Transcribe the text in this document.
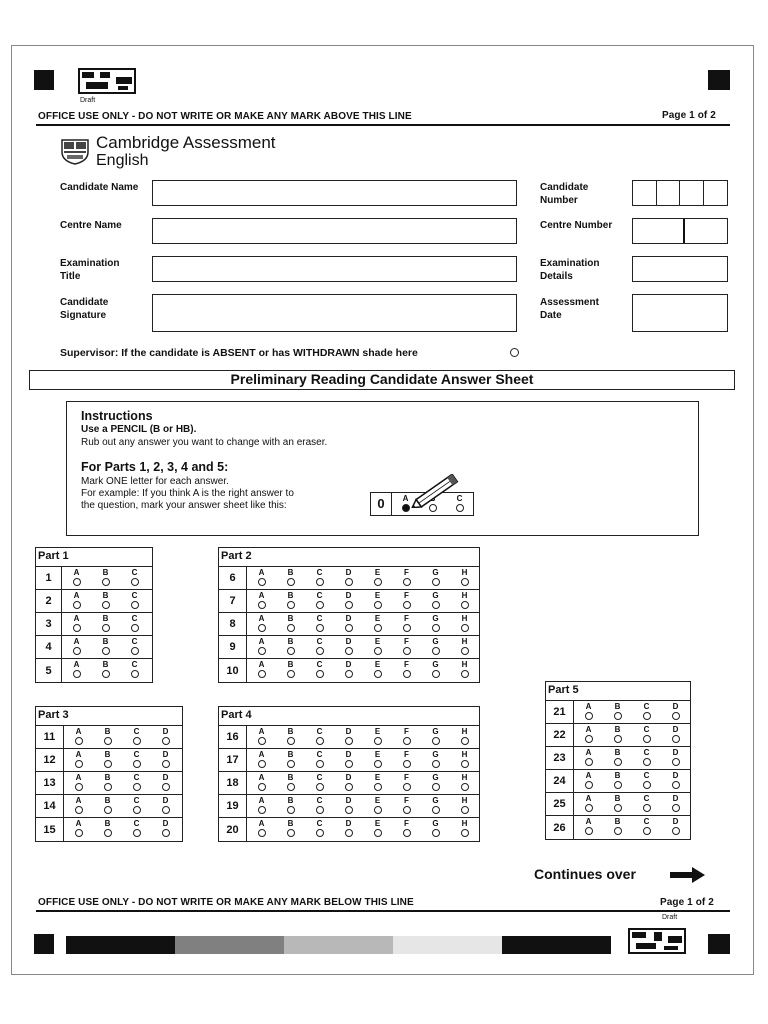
Draft
OFFICE USE ONLY - DO NOT WRITE OR MAKE ANY MARK ABOVE THIS LINE	Page 1 of 2
Cambridge Assessment
English
Candidate Name
Centre Name
Examination Title
Candidate Signature
Candidate Number
Centre Number
Examination Details
Assessment Date
Supervisor: If the candidate is ABSENT or has WITHDRAWN shade here
Preliminary Reading Candidate Answer Sheet
Instructions
Use a PENCIL (B or HB).
Rub out any answer you want to change with an eraser.
For Parts 1, 2, 3, 4 and 5:
Mark ONE letter for each answer.
For example: If you think A is the right answer to
the question, mark your answer sheet like this:	0	A	C
Part 1
1	A	B	C
2	A	B	C
3	A	B	C
4	A	B	C
5	A	B	C
Part 2
6	A	B	C	D	E	F	G	H
7	A	B	C	D	E	F	G	H
8	A	B	C	D	E	F	G	H
9	A	B	C	D	E	F	G	H
10	A	B	C	D	E	F	G	H
Part 3
11	A	B	C	D
12	A	B	C	D
13	A	B	C	D
14	A	B	C	D
15	A	B	C	D
Part 4
16	A	B	C	D	E	F	G	H
17	A	B	C	D	E	F	G	H
18	A	B	C	D	E	F	G	H
19	A	B	C	D	E	F	G	H
20	A	B	C	D	E	F	G	H
Part 5
21	A	B	C	D
22	A	B	C	D
23	A	B	C	D
24	A	B	C	D
25	A	B	C	D
26	A	B	C	D
Continues over
OFFICE USE ONLY - DO NOT WRITE OR MAKE ANY MARK BELOW THIS LINE	Page 1 of 2
Draft
